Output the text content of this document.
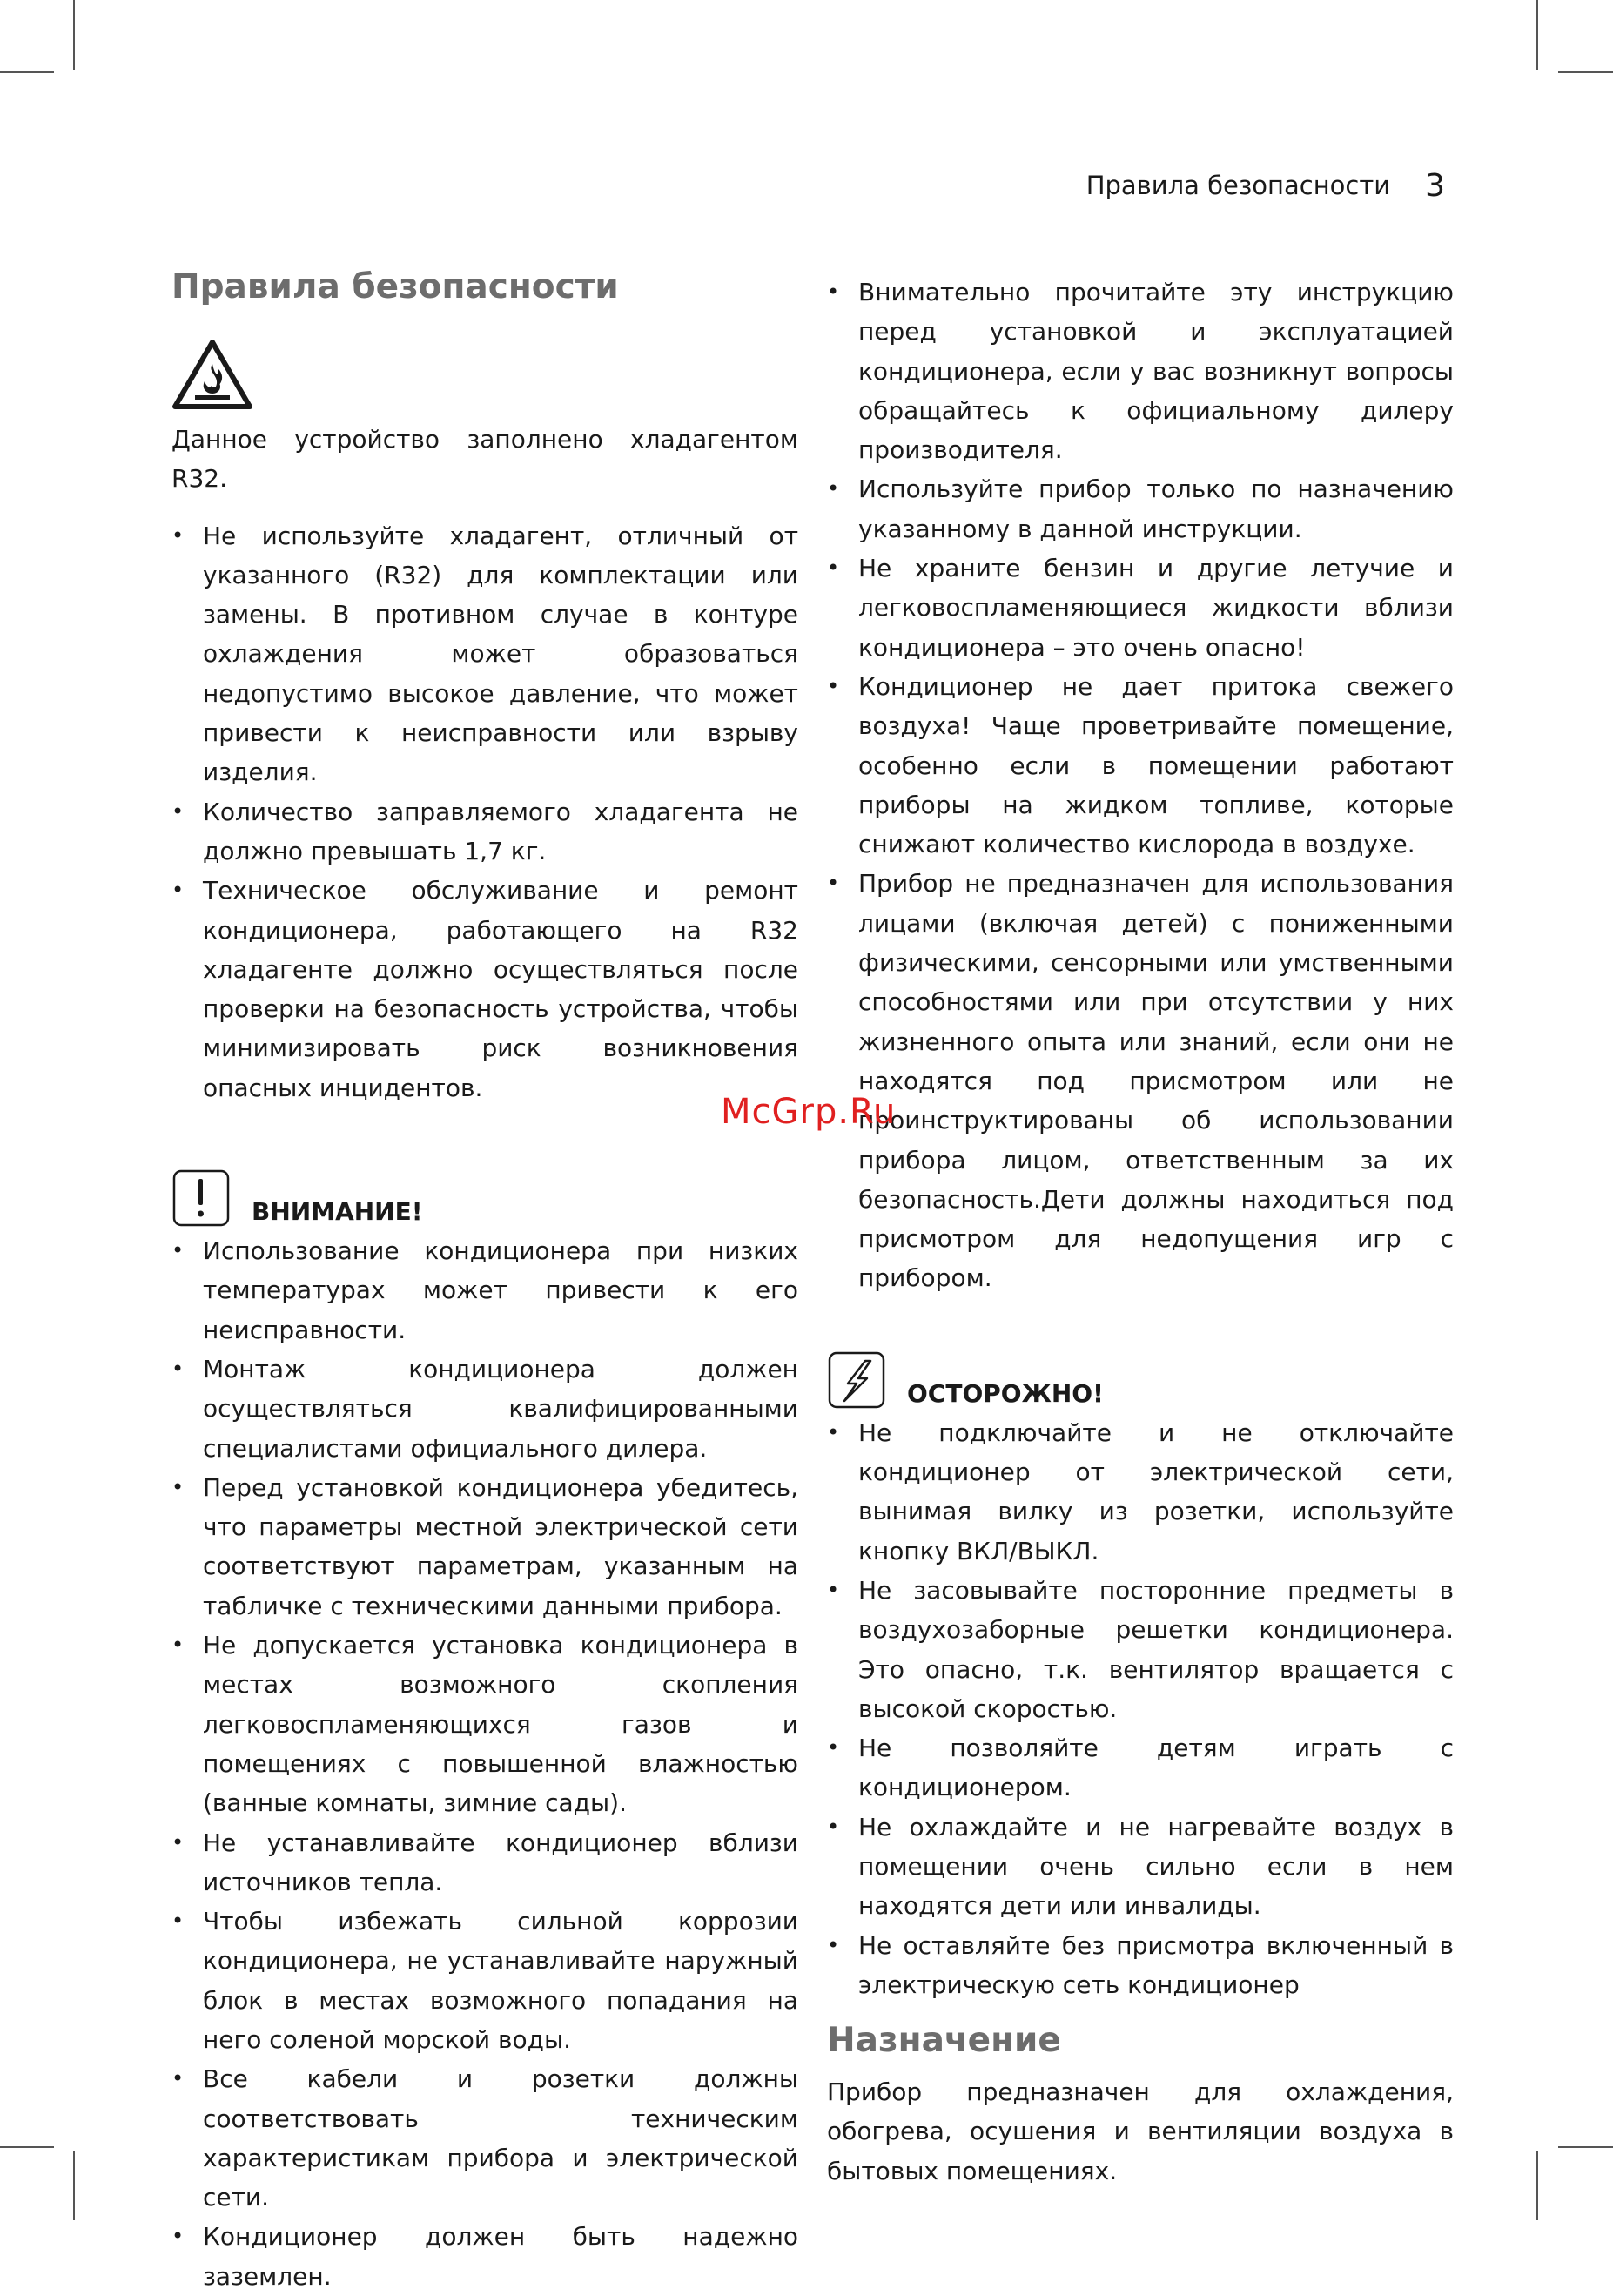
Правила безопасности 3
Правила безопасности

Данное устройство заполнено хладагентом R32.

• Не используйте хладагент, отличный от указанного (R32) для комплектации или замены. В противном случае в контуре охлаждения может образоваться недопустимо высокое давление, что может привести к неисправности или взрыву изделия.
• Количество заправляемого хладагента не должно превышать 1,7 кг.
• Техническое обслуживание и ремонт кондиционера, работающего на R32 хладагенте должно осуществляться после проверки на безопасность устройства, чтобы минимизировать риск возникновения опасных инцидентов.
ВНИМАНИЕ!
• Использование кондиционера при низких температурах может привести к его неисправности.
• Монтаж кондиционера должен осуществляться квалифицированными специалистами официального дилера.
• Перед установкой кондиционера убедитесь, что параметры местной электрической сети соответствуют параметрам, указанным на табличке с техническими данными прибора.
• Не допускается установка кондиционера в местах возможного скопления легковоспламеняющихся газов и помещениях с повышенной влажностью (ванные комнаты, зимние сады).
• Не устанавливайте кондиционер вблизи источников тепла.
• Чтобы избежать сильной коррозии кондиционера, не устанавливайте наружный блок в местах возможного попадания на него соленой морской воды.
• Все кабели и розетки должны соответствовать техническим характеристикам прибора и электрической сети.
• Кондиционер должен быть надежно заземлен.
• Внимательно прочитайте эту инструкцию перед установкой и эксплуатацией кондиционера, если у вас возникнут вопросы обращайтесь к официальному дилеру производителя.
• Используйте прибор только по назначению указанному в данной инструкции.
• Не храните бензин и другие летучие и легковоспламеняющиеся жидкости вблизи кондиционера – это очень опасно!
• Кондиционер не дает притока свежего воздуха! Чаще проветривайте помещение, особенно если в помещении работают приборы на жидком топливе, которые снижают количество кислорода в воздухе.
• Прибор не предназначен для использования лицами (включая детей) с пониженными физическими, сенсорными или умственными способностями или при отсутствии у них жизненного опыта или знаний, если они не находятся под присмотром или не проинструктированы об использовании прибора лицом, ответственным за их безопасность.Дети должны находиться под присмотром для недопущения игр с прибором.
ОСТОРОЖНО!
• Не подключайте и не отключайте кондиционер от электрической сети, вынимая вилку из розетки, используйте кнопку ВКЛ/ВЫКЛ.
• Не засовывайте посторонние предметы в воздухозаборные решетки кондиционера. Это опасно, т.к. вентилятор вращается с высокой скоростью.
• Не позволяйте детям играть с кондиционером.
• Не охлаждайте и не нагревайте воздух в помещении очень сильно если в нем находятся дети или инвалиды.
• Не оставляйте без присмотра включенный в электрическую сеть кондиционер
Назначение

Прибор предназначен для охлаждения, обогрева, осушения и вентиляции воздуха в бытовых помещениях.

McGrp.Ru
